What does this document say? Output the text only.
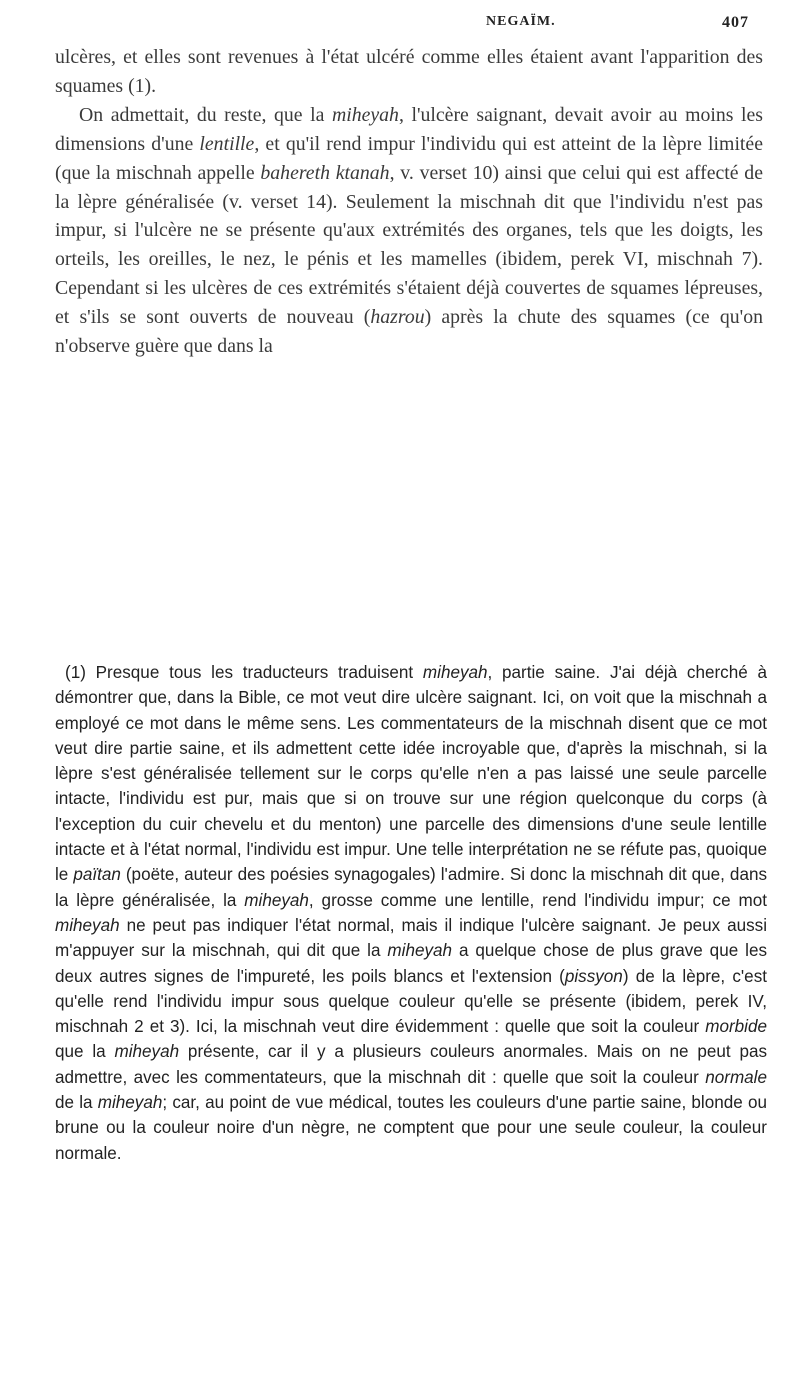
NEGAÏM.	407

ulcères, et elles sont revenues à l'état ulcéré comme elles étaient avant l'apparition des squames (1).

On admettait, du reste, que la miheyah, l'ulcère saignant, devait avoir au moins les dimensions d'une lentille, et qu'il rend impur l'individu qui est atteint de la lèpre limitée (que la mischnah appelle bahereth ktanah, v. verset 10) ainsi que celui qui est affecté de la lèpre généralisée (v. verset 14). Seulement la mischnah dit que l'individu n'est pas impur, si l'ulcère ne se présente qu'aux extrémités des organes, tels que les doigts, les orteils, les oreilles, le nez, le pénis et les mamelles (ibidem, perek VI, mischnah 7). Cependant si les ulcères de ces extrémités s'étaient déjà couvertes de squames lépreuses, et s'ils se sont ouverts de nouveau (hazrou) après la chute des squames (ce qu'on n'observe guère que dans la

(1) Presque tous les traducteurs traduisent miheyah, partie saine. J'ai déjà cherché à démontrer que, dans la Bible, ce mot veut dire ulcère saignant. Ici, on voit que la mischnah a employé ce mot dans le même sens. Les commentateurs de la mischnah disent que ce mot veut dire partie saine, et ils admettent cette idée incroyable que, d'après la mischnah, si la lèpre s'est généralisée tellement sur le corps qu'elle n'en a pas laissé une seule parcelle intacte, l'individu est pur, mais que si on trouve sur une région quelconque du corps (à l'exception du cuir chevelu et du menton) une parcelle des dimensions d'une seule lentille intacte et à l'état normal, l'individu est impur. Une telle interprétation ne se réfute pas, quoique le païtan (poëte, auteur des poésies synagogales) l'admire. Si donc la mischnah dit que, dans la lèpre généralisée, la miheyah, grosse comme une lentille, rend l'individu impur; ce mot miheyah ne peut pas indiquer l'état normal, mais il indique l'ulcère saignant. Je peux aussi m'appuyer sur la mischnah, qui dit que la miheyah a quelque chose de plus grave que les deux autres signes de l'impureté, les poils blancs et l'extension (pissyon) de la lèpre, c'est qu'elle rend l'individu impur sous quelque couleur qu'elle se présente (ibidem, perek IV, mischnah 2 et 3). Ici, la mischnah veut dire évidemment : quelle que soit la couleur morbide que la miheyah présente, car il y a plusieurs couleurs anormales. Mais on ne peut pas admettre, avec les commentateurs, que la mischnah dit : quelle que soit la couleur normale de la miheyah; car, au point de vue médical, toutes les couleurs d'une partie saine, blonde ou brune ou la couleur noire d'un nègre, ne comptent que pour une seule couleur, la couleur normale.
